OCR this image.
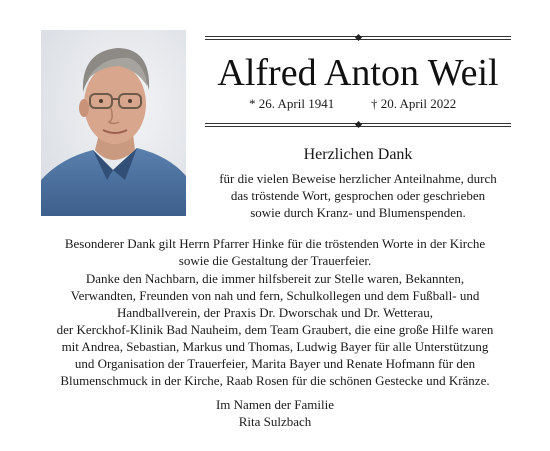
Alfred Anton Weil
* 26. April 1941	† 20. April 2022
Herzlichen Dank
für die vielen Beweise herzlicher Anteilnahme, durch
das tröstende Wort, gesprochen oder geschrieben
sowie durch Kranz- und Blumenspenden.
Besonderer Dank gilt Herrn Pfarrer Hinke für die tröstenden Worte in der Kirche
sowie die Gestaltung der Trauerfeier.
Danke den Nachbarn, die immer hilfsbereit zur Stelle waren, Bekannten,
Verwandten, Freunden von nah und fern, Schulkollegen und dem Fußball- und
Handballverein, der Praxis Dr. Dworschak und Dr. Wetterau,
der Kerckhof-Klinik Bad Nauheim, dem Team Graubert, die eine große Hilfe waren
mit Andrea, Sebastian, Markus und Thomas, Ludwig Bayer für alle Unterstützung
und Organisation der Trauerfeier, Marita Bayer und Renate Hofmann für den
Blumenschmuck in der Kirche, Raab Rosen für die schönen Gestecke und Kränze.
Im Namen der Familie
Rita Sulzbach
